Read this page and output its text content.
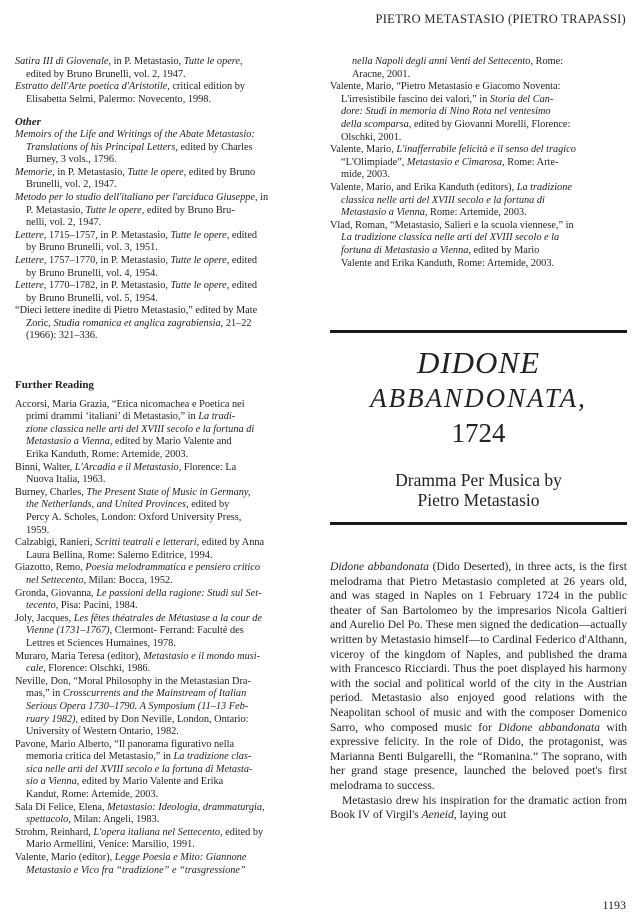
PIETRO METASTASIO (PIETRO TRAPASSI)

Satira III di Giovenale, in P. Metastasio, Tutte le opere,
edited by Bruno Brunelli, vol. 2, 1947.

Estratto dell'Arte poetica d'Aristotile, critical edition by
Elisabetta Selmi, Palermo: Novecento, 1998.

Other

Memoirs of the Life and Writings of the Abate Metastasio:
Translations of his Principal Letters, edited by Charles
Burney, 3 vols., 1796.

Memorie, in P. Metastasio, Tutte le opere, edited by Bruno
Brunelli, vol. 2, 1947.

Metodo per lo studio dell'italiano per l'arciduca Giuseppe, in
P. Metastasio, Tutte le opere, edited by Bruno Bru-
nelli, vol. 2, 1947.

Lettere, 1715–1757, in P. Metastasio, Tutte le opere, edited
by Bruno Brunelli, vol. 3, 1951.

Lettere, 1757–1770, in P. Metastasio, Tutte le opere, edited
by Bruno Brunelli, vol. 4, 1954.

Lettere, 1770–1782, in P. Metastasio, Tutte le opere, edited
by Bruno Brunelli, vol. 5, 1954.

“Dieci lettere inedite di Pietro Metastasio,” edited by Mate
Zoric, Studia romanica et anglica zagrabiensia, 21–22
(1966): 321–336.

Further Reading

Accorsi, Maria Grazia, “Etica nicomachea e Poetica nei
primi drammi ‘italiani’ di Metastasio,” in La tradi-
zione classica nelle arti del XVIII secolo e la fortuna di
Metastasio a Vienna, edited by Mario Valente and
Erika Kanduth, Rome: Artemide, 2003.

Binni, Walter, L'Arcadia e il Metastasio, Florence: La
Nuova Italia, 1963.

Burney, Charles, The Present State of Music in Germany,
the Netherlands, and United Provinces, edited by
Percy A. Scholes, London: Oxford University Press,
1959.

Calzabigi, Ranieri, Scritti teatrali e letterari, edited by Anna
Laura Bellina, Rome: Salerno Editrice, 1994.

Giazotto, Remo, Poesia melodrammatica e pensiero critico
nel Settecento, Milan: Bocca, 1952.

Gronda, Giovanna, Le passioni della ragione: Studi sul Set-
tecento, Pisa: Pacini, 1984.

Joly, Jacques, Les fêtes théatrales de Métastase a la cour de
Vienne (1731–1767), Clermont- Ferrand: Faculté des
Lettres et Sciences Humaines, 1978.

Muraro, Maria Teresa (editor), Metastasio e il mondo musi-
cale, Florence: Olschki, 1986.

Neville, Don, “Moral Philosophy in the Metastasian Dra-
mas,” in Crosscurrents and the Mainstream of Italian
Serious Opera 1730–1790. A Symposium (11–13 Feb-
ruary 1982), edited by Don Neville, London, Ontario:
University of Western Ontario, 1982.

Pavone, Mario Alberto, “Il panorama figurativo nella
memoria critica del Metastasio,” in La tradizione clas-
sica nelle arti del XVIII secolo e la fortuna di Metasta-
sio a Vienna, edited by Mario Valente and Erika
Kandut, Rome: Artemide, 2003.

Sala Di Felice, Elena, Metastasio: Ideologia, drammaturgia,
spettacolo, Milan: Angeli, 1983.

Strohm, Reinhard, L'opera italiana nel Settecento, edited by
Mario Armellini, Venice: Marsilio, 1991.

Valente, Mario (editor), Legge Poesia e Mito: Giannone
Metastasio e Vico fra “tradizione” e “trasgressione”

nella Napoli degli anni Venti del Settecento, Rome:
Aracne, 2001.

Valente, Mario, “Pietro Metastasio e Giacomo Noventa:
L'irresistibile fascino dei valori,” in Storia del Can-
dore: Studi in memoria di Nino Rota nel ventesimo
della scomparsa, edited by Giovanni Morelli, Florence:
Olschki, 2001.

Valente, Mario, L'inafferrabile felicità e il senso del tragico
“L'Olimpiade”, Metastasio e Cimarosa, Rome: Arte-
mide, 2003.

Valente, Mario, and Erika Kanduth (editors), La tradizione
classica nelle arti del XVIII secolo e la fortuna di
Metastasio a Vienna, Rome: Artemide, 2003.

Vlad, Roman, “Metastasio, Salieri e la scuola viennese,” in
La tradizione classica nelle arti del XVIII secolo e la
fortuna di Metastasio a Vienna, edited by Mario
Valente and Erika Kanduth, Rome: Artemide, 2003.

DIDONE
ABBANDONATA,
1724
Dramma Per Musica by
Pietro Metastasio

Didone abbandonata (Dido Deserted), in three acts, is the first melodrama that Pietro Metastasio completed at 26 years old, and was staged in Naples on 1 February 1724 in the public theater of San Bartolomeo by the impresarios Nicola Galtieri and Aurelio Del Po. These men signed the dedication—actually written by Metastasio himself—to Cardinal Federico d'Althann, viceroy of the kingdom of Naples, and published the drama with Francesco Ricciardi. Thus the poet displayed his harmony with the social and political world of the city in the Austrian period. Metastasio also enjoyed good relations with the Neapolitan school of music and with the composer Domenico Sarro, who composed music for Didone abbandonata with expressive felicity. In the role of Dido, the protagonist, was Marianna Benti Bulgarelli, the “Romanina.” The soprano, with her grand stage presence, launched the beloved poet's first melodrama to success.

Metastasio drew his inspiration for the dramatic action from Book IV of Virgil's Aeneid, laying out

1193
